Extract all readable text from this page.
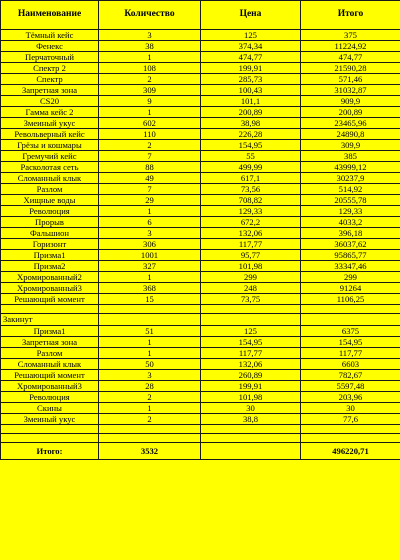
Наименование	Количество	Цена	Итого
Тёмный кейс	3	125	375
Фенекс	38	374,34	11224,92
Перчаточный	1	474,77	474,77
Спектр 2	108	199,91	21590,28
Спектр	2	285,73	571,46
Запретная зона	309	100,43	31032,87
CS20	9	101,1	909,9
Гамма кейс 2	1	200,89	200,89
Змеиный укус	602	38,98	23465,96
Револьверный кейс	110	226,28	24890,8
Грёзы и кошмары	2	154,95	309,9
Гремучий кейс	7	55	385
Расколотая сеть	88	499,99	43999,12
Сломанный клык	49	617,1	30237,9
Разлом	7	73,56	514,92
Хищные воды	29	708,82	20555,78
Революция	1	129,33	129,33
Прорыв	6	672,2	4033,2
Фальшион	3	132,06	396,18
Горизонт	306	117,77	36037,62
Призма1	1001	95,77	95865,77
Призма2	327	101,98	33347,46
Хромированный2	1	299	299
Хромированный3	368	248	91264
Решающий момент	15	73,75	1106,25

Закинут			
Призма1	51	125	6375
Запретная зона	1	154,95	154,95
Разлом	1	117,77	117,77
Сломанный клык	50	132,06	6603
Решающий момент	3	260,89	782,67
Хромированный3	28	199,91	5597,48
Революция	2	101,98	203,96
Скины	1	30	30
Змеиный укус	2	38,8	77,6

Итого:	3532		496220,71
